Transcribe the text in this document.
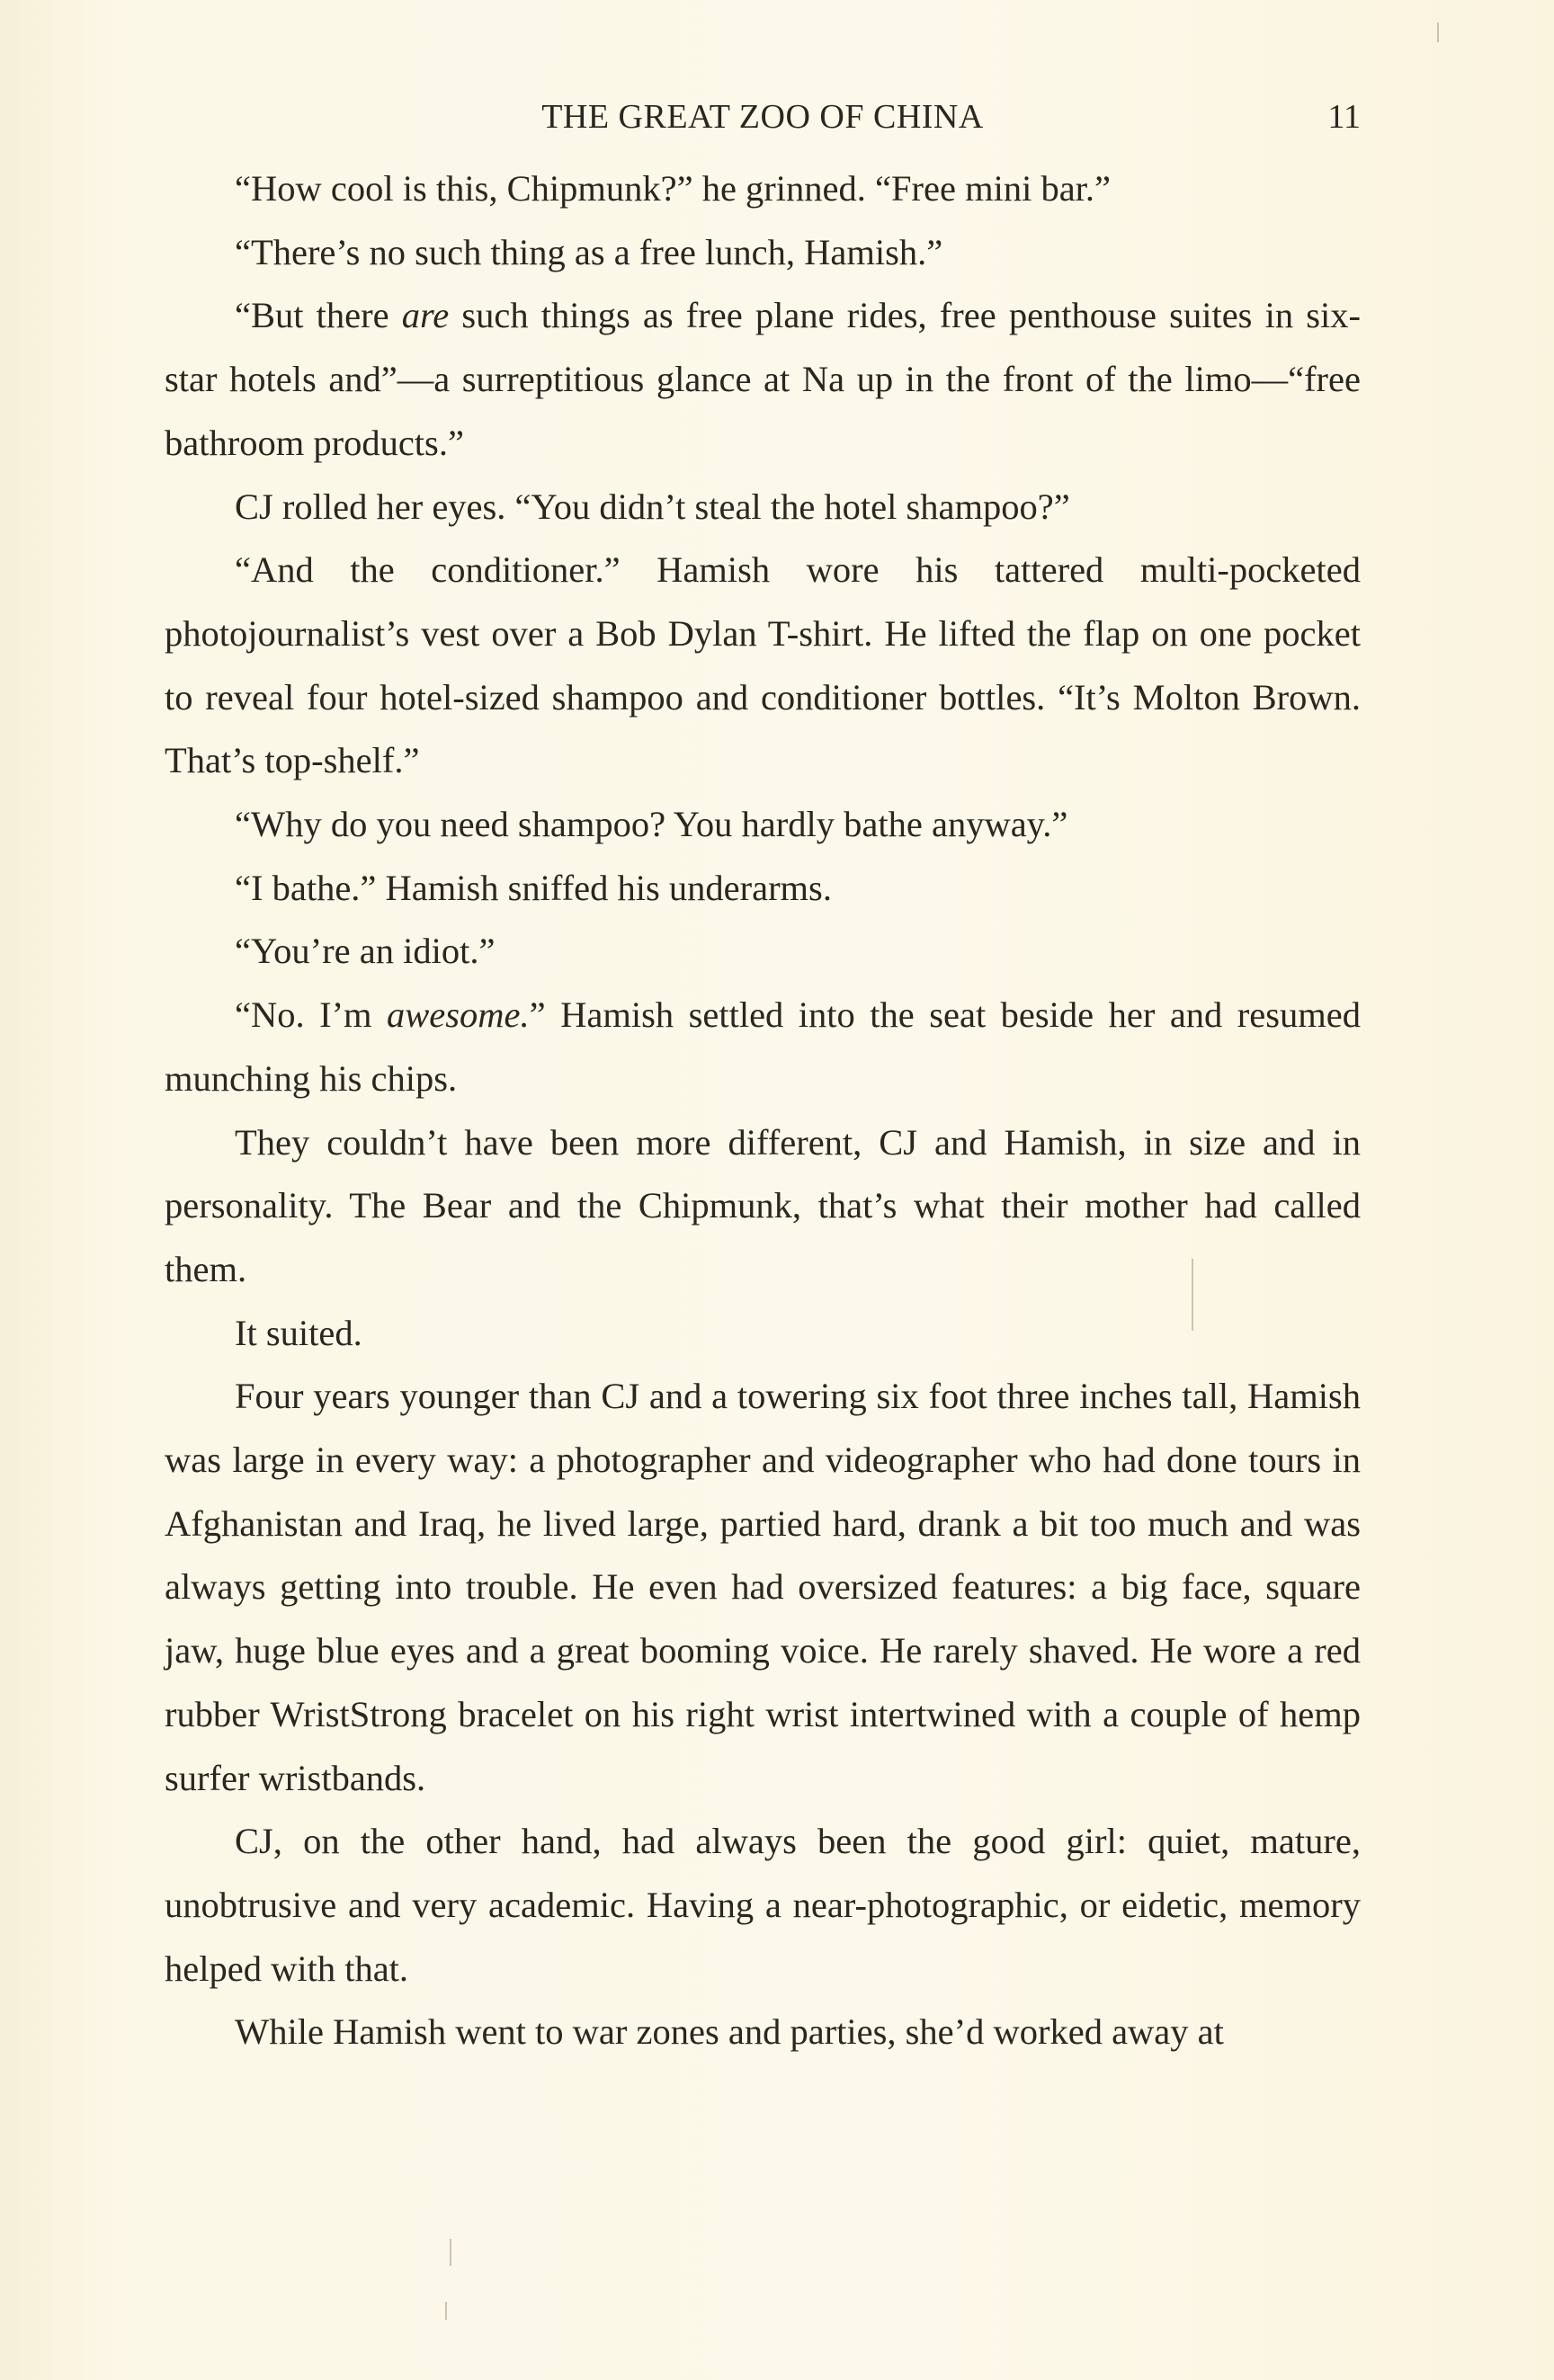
THE GREAT ZOO OF CHINA	11

“How cool is this, Chipmunk?” he grinned. “Free mini bar.”

“There’s no such thing as a free lunch, Hamish.”

“But there are such things as free plane rides, free penthouse suites in six-star hotels and”—a surreptitious glance at Na up in the front of the limo—“free bathroom products.”

CJ rolled her eyes. “You didn’t steal the hotel shampoo?”

“And the conditioner.” Hamish wore his tattered multi-pocketed photojournalist’s vest over a Bob Dylan T-shirt. He lifted the flap on one pocket to reveal four hotel-sized shampoo and conditioner bottles. “It’s Molton Brown. That’s top-shelf.”

“Why do you need shampoo? You hardly bathe anyway.”

“I bathe.” Hamish sniffed his underarms.

“You’re an idiot.”

“No. I’m awesome.” Hamish settled into the seat beside her and resumed munching his chips.

They couldn’t have been more different, CJ and Hamish, in size and in personality. The Bear and the Chipmunk, that’s what their mother had called them.

It suited.

Four years younger than CJ and a towering six foot three inches tall, Hamish was large in every way: a photographer and videographer who had done tours in Afghanistan and Iraq, he lived large, partied hard, drank a bit too much and was always getting into trouble. He even had oversized features: a big face, square jaw, huge blue eyes and a great booming voice. He rarely shaved. He wore a red rubber WristStrong bracelet on his right wrist intertwined with a couple of hemp surfer wristbands.

CJ, on the other hand, had always been the good girl: quiet, mature, unobtrusive and very academic. Having a near-photographic, or eidetic, memory helped with that.

While Hamish went to war zones and parties, she’d worked away at
